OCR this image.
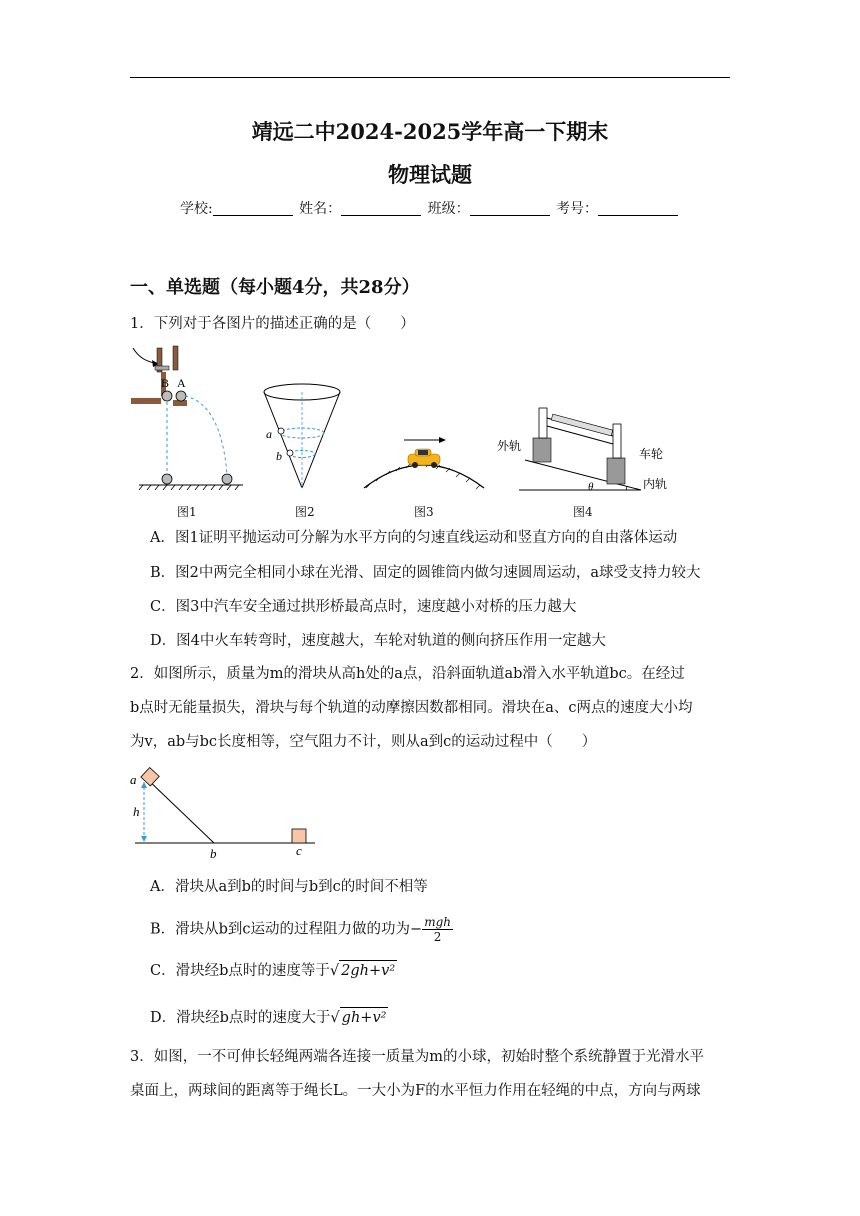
靖远二中2024-2025学年高一下期末
物理试题
学校:	姓名：	班级：	考号：
一、单选题（每小题4分，共28分）
1．下列对于各图片的描述正确的是（　　）
B A
图1
a
b
图2	图3
θ
外轨
车轮
内轨
图4
A．图1证明平抛运动可分解为水平方向的匀速直线运动和竖直方向的自由落体运动
B．图2中两完全相同小球在光滑、固定的圆锥筒内做匀速圆周运动，a球受支持力较大
C．图3中汽车安全通过拱形桥最高点时，速度越小对桥的压力越大
D．图4中火车转弯时，速度越大，车轮对轨道的侧向挤压作用一定越大
2．如图所示，质量为m的滑块从高h处的a点，沿斜面轨道ab滑入水平轨道bc。在经过
b点时无能量损失，滑块与每个轨道的动摩擦因数都相同。滑块在a、c两点的速度大小均
为v，ab与bc长度相等，空气阻力不计，则从a到c的运动过程中（　　）
a
h
b	c
A．滑块从a到b的时间与b到c的时间不相等
B．滑块从b到c运动的过程阻力做的功为− $\frac{\text{mgh}}{2}$
C．滑块经b点时的速度等于√ 2gh+v²
D．滑块经b点时的速度大于√ gh+v²
3．如图，一不可伸长轻绳两端各连接一质量为m的小球，初始时整个系统静置于光滑水平
桌面上，两球间的距离等于绳长L。一大小为F的水平恒力作用在轻绳的中点，方向与两球
